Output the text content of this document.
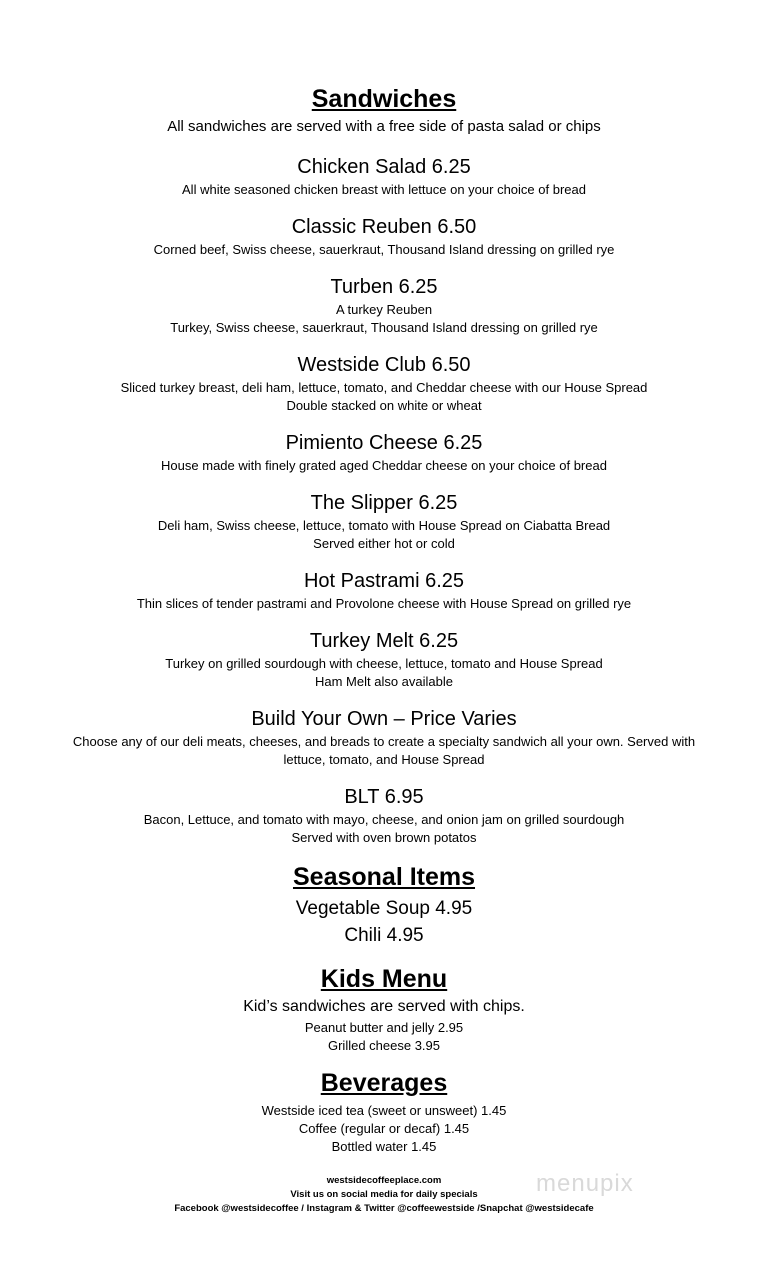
Sandwiches
All sandwiches are served with a free side of pasta salad or chips
Chicken Salad 6.25
All white seasoned chicken breast with lettuce on your choice of bread
Classic Reuben 6.50
Corned beef, Swiss cheese, sauerkraut, Thousand Island dressing on grilled rye
Turben 6.25
A turkey Reuben
Turkey, Swiss cheese, sauerkraut, Thousand Island dressing on grilled rye
Westside Club 6.50
Sliced turkey breast, deli ham, lettuce, tomato, and Cheddar cheese with our House Spread
Double stacked on white or wheat
Pimiento Cheese 6.25
House made with finely grated aged Cheddar cheese on your choice of bread
The Slipper 6.25
Deli ham, Swiss cheese, lettuce, tomato with House Spread on Ciabatta Bread
Served either hot or cold
Hot Pastrami 6.25
Thin slices of tender pastrami and Provolone cheese with House Spread on grilled rye
Turkey Melt 6.25
Turkey on grilled sourdough with cheese, lettuce, tomato and House Spread
Ham Melt also available
Build Your Own – Price Varies
Choose any of our deli meats, cheeses, and breads to create a specialty sandwich all your own. Served with
lettuce, tomato, and House Spread
BLT 6.95
Bacon, Lettuce, and tomato with mayo, cheese, and onion jam on grilled sourdough
Served with oven brown potatos
Seasonal Items
Vegetable Soup 4.95
Chili 4.95
Kids Menu
Kid’s sandwiches are served with chips.
Peanut butter and jelly 2.95
Grilled cheese 3.95
Beverages
Westside iced tea (sweet or unsweet) 1.45
Coffee (regular or decaf) 1.45
Bottled water 1.45
westsidecoffeeplace.com
Visit us on social media for daily specials
Facebook @westsidecoffee / Instagram & Twitter @coffeewestside /Snapchat @westsidecafe
menupix
